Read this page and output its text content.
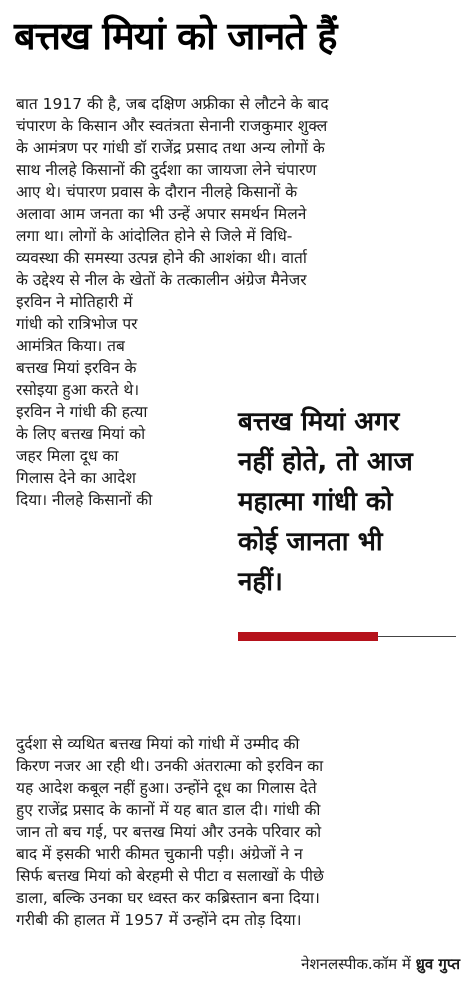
बत्तख मियां को जानते हैं
बात 1917 की है, जब दक्षिण अफ्रीका से लौटने के बाद
चंपारण के किसान और स्वतंत्रता सेनानी राजकुमार शुक्ल
के आमंत्रण पर गांधी डॉ राजेंद्र प्रसाद तथा अन्य लोगों के
साथ नीलहे किसानों की दुर्दशा का जायजा लेने चंपारण
आए थे। चंपारण प्रवास के दौरान नीलहे किसानों के
अलावा आम जनता का भी उन्हें अपार समर्थन मिलने
लगा था। लोगों के आंदोलित होने से जिले में विधि-
व्यवस्था की समस्या उत्पन्न होने की आशंका थी। वार्ता
के उद्देश्य से नील के खेतों के तत्कालीन अंग्रेज मैनेजर
इरविन ने मोतिहारी में
गांधी को रात्रिभोज पर
आमंत्रित किया। तब
बत्तख मियां इरविन के
रसोइया हुआ करते थे।
इरविन ने गांधी की हत्या
के लिए बत्तख मियां को
जहर मिला दूध का
गिलास देने का आदेश
दिया। नीलहे किसानों की
दुर्दशा से व्यथित बत्तख मियां को गांधी में उम्मीद की
किरण नजर आ रही थी। उनकी अंतरात्मा को इरविन का
यह आदेश कबूल नहीं हुआ। उन्होंने दूध का गिलास देते
हुए राजेंद्र प्रसाद के कानों में यह बात डाल दी। गांधी की
जान तो बच गई, पर बत्तख मियां और उनके परिवार को
बाद में इसकी भारी कीमत चुकानी पड़ी। अंग्रेजों ने न
सिर्फ बत्तख मियां को बेरहमी से पीटा व सलाखों के पीछे
डाला, बल्कि उनका घर ध्वस्त कर कब्रिस्तान बना दिया।
गरीबी की हालत में 1957 में उन्होंने दम तोड़ दिया।
बत्तख मियां अगर
नहीं होते, तो आज
महात्मा गांधी को
कोई जानता भी
नहीं।
नेशनलस्पीक.कॉम में ध्रुव गुप्त
